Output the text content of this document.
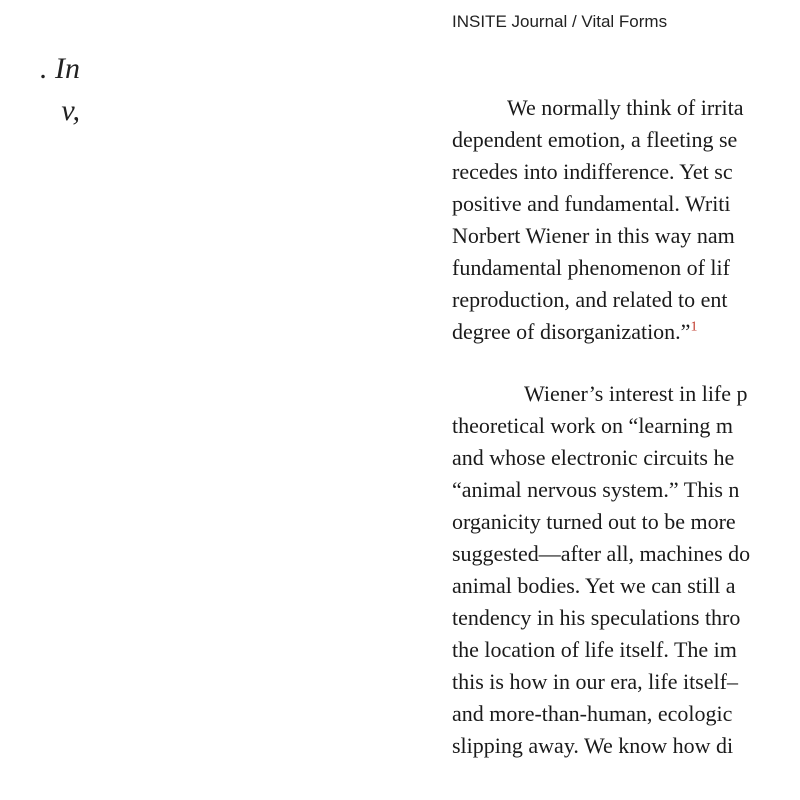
. In
v,
INSITE Journal / Vital Forms
We normally think of irrita
dependent emotion, a fleeting se
recedes into indifference. Yet sc
positive and fundamental. Writi
Norbert Wiener in this way nam
fundamental phenomenon of lif
reproduction, and related to ent
degree of disorganization.”$^1$
Wiener’s interest in life p
theoretical work on “learning m
and whose electronic circuits he
“animal nervous system.” This n
organicity turned out to be more
suggested—after all, machines do
animal bodies. Yet we can still a
tendency in his speculations thro
the location of life itself. The im
this is how in our era, life itself–
and more-than-human, ecologic
slipping away. We know how di
